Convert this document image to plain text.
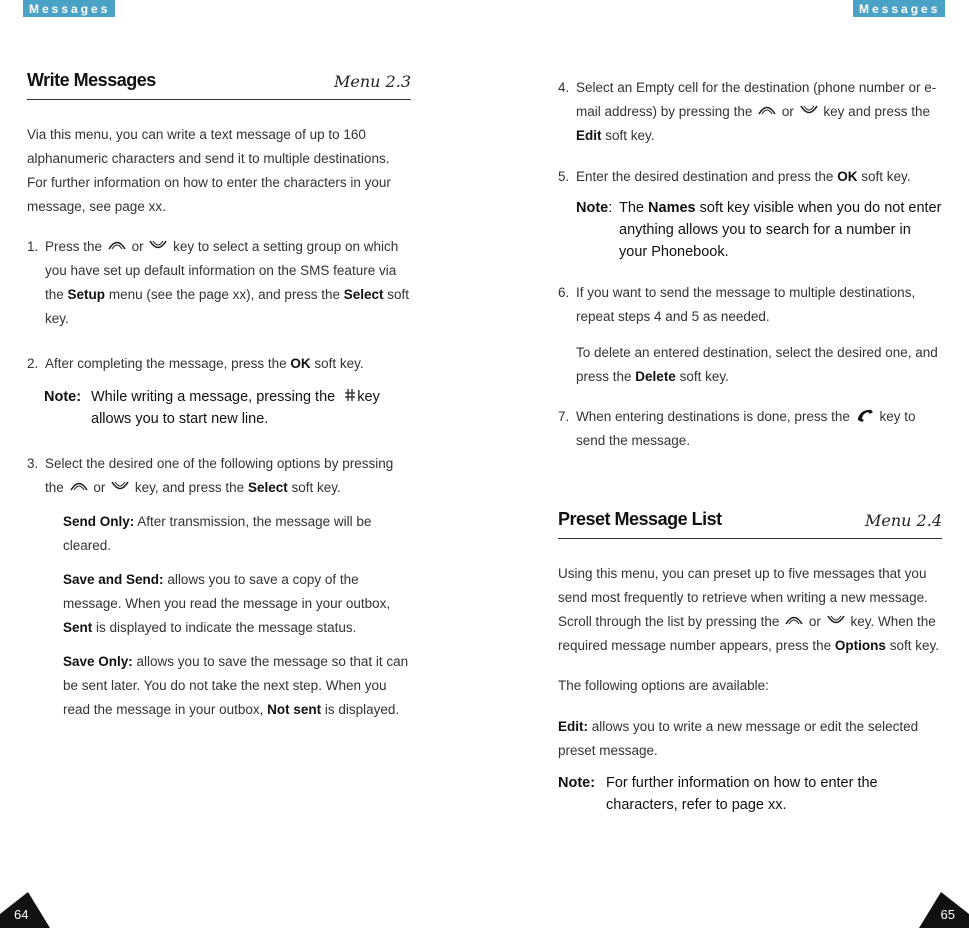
Messages	Messages
Write Messages	Menu 2.3

Via this menu, you can write a text message of up to 160 alphanumeric characters and send it to multiple destinations. For further information on how to enter the characters in your message, see page xx.

1. Press the or key to select a setting group on which you have set up default information on the SMS feature via the Setup menu (see the page xx), and press the Select soft key.
2. After completing the message, press the OK soft key.
Note: While writing a message, pressing the key allows you to start new line.
3. Select the desired one of the following options by pressing the or key, and press the Select soft key.
Send Only: After transmission, the message will be cleared.
Save and Send: allows you to save a copy of the message. When you read the message in your outbox, Sent is displayed to indicate the message status.
Save Only: allows you to save the message so that it can be sent later. You do not take the next step. When you read the message in your outbox, Not sent is displayed.
4. Select an Empty cell for the destination (phone number or e-mail address) by pressing the or key and press the Edit soft key.
5. Enter the desired destination and press the OK soft key.
Note: The Names soft key visible when you do not enter anything allows you to search for a number in your Phonebook.
6. If you want to send the message to multiple destinations, repeat steps 4 and 5 as needed.
To delete an entered destination, select the desired one, and press the Delete soft key.
7. When entering destinations is done, press the key to send the message.
Preset Message List	Menu 2.4

Using this menu, you can preset up to five messages that you send most frequently to retrieve when writing a new message. Scroll through the list by pressing the or key. When the required message number appears, press the Options soft key.

The following options are available:

Edit: allows you to write a new message or edit the selected preset message.

Note: For further information on how to enter the characters, refer to page xx.
64	65
